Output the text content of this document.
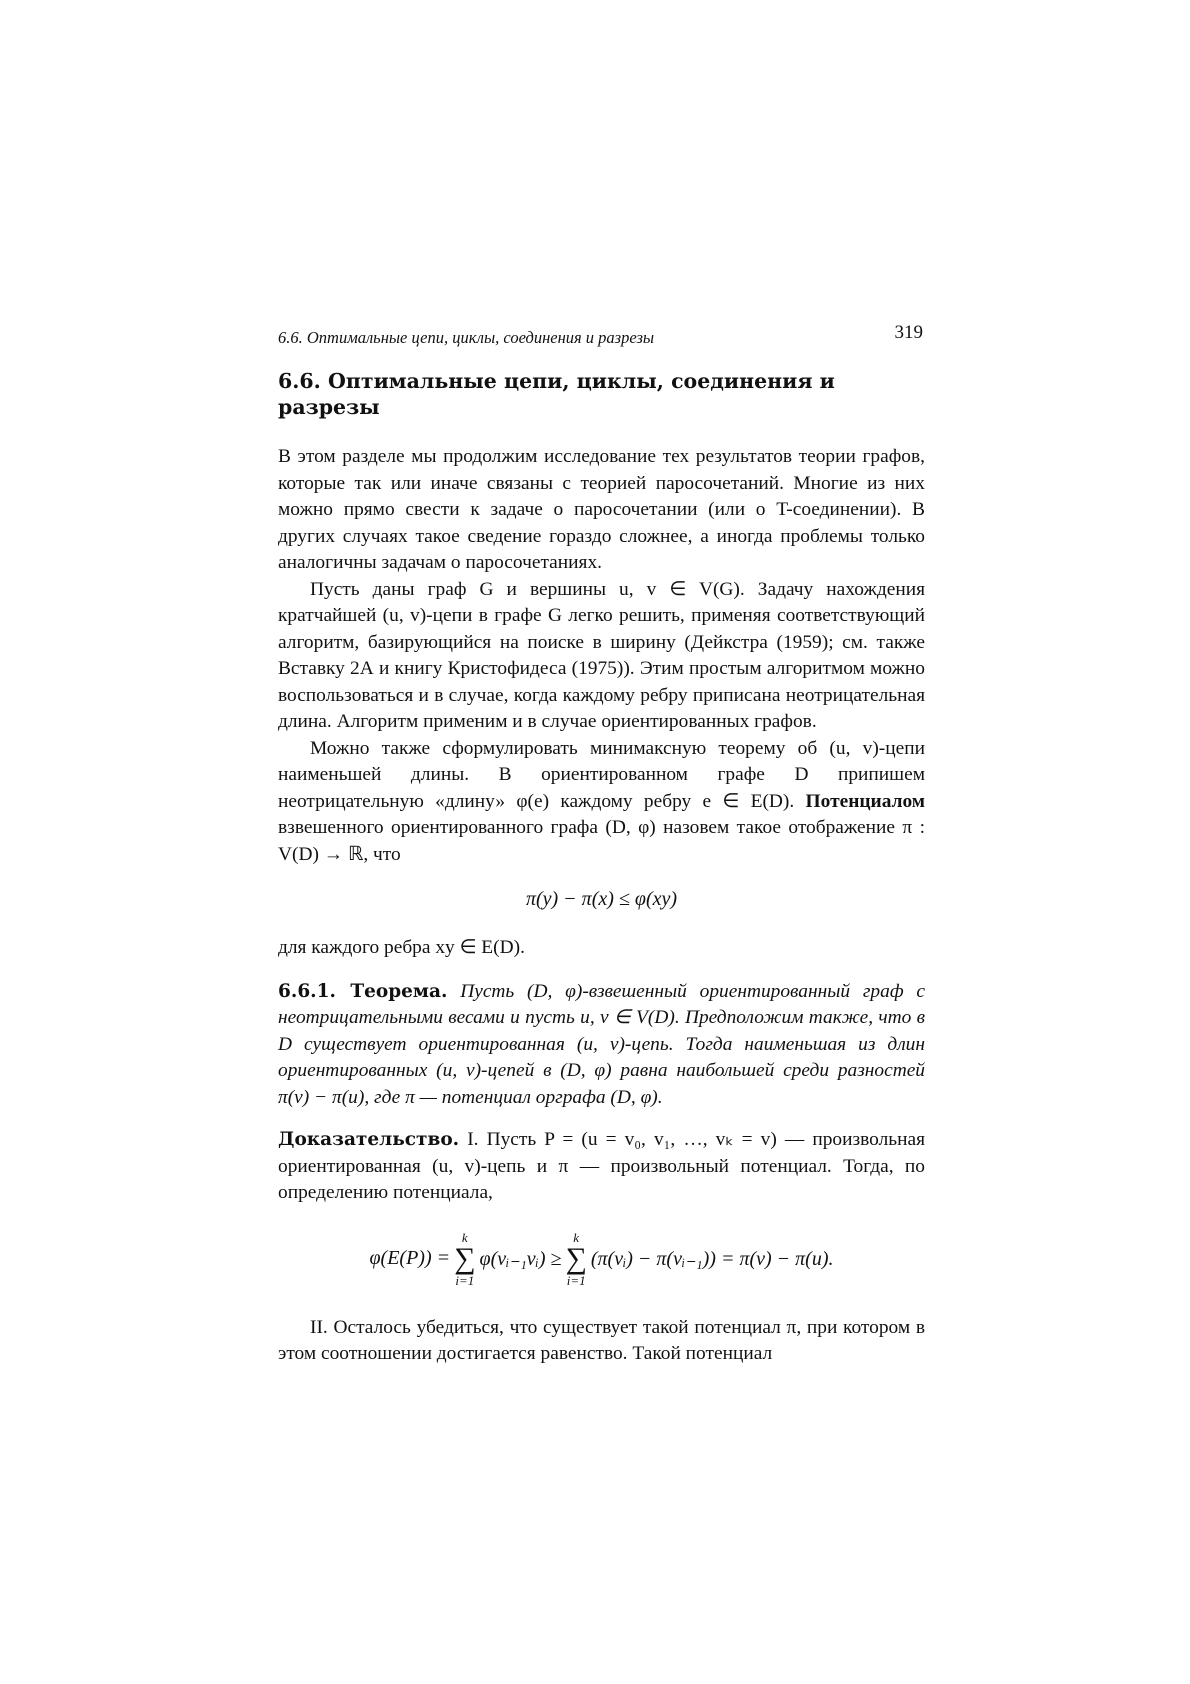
6.6. Оптимальные цепи, циклы, соединения и разрезы	319
6.6. Оптимальные цепи, циклы, соединения и разрезы

В этом разделе мы продолжим исследование тех результатов теории графов, которые так или иначе связаны с теорией паросочетаний. Многие из них можно прямо свести к задаче о паросочетании (или о T-соединении). В других случаях такое сведение гораздо сложнее, а иногда проблемы только аналогичны задачам о паросочетаниях.

Пусть даны граф G и вершины u, v ∈ V(G). Задачу нахождения кратчайшей (u, v)-цепи в графе G легко решить, применяя соответствующий алгоритм, базирующийся на поиске в ширину (Дейкстра (1959); см. также Вставку 2А и книгу Кристофидеса (1975)). Этим простым алгоритмом можно воспользоваться и в случае, когда каждому ребру приписана неотрицательная длина. Алгоритм применим и в случае ориентированных графов.

Можно также сформулировать минимаксную теорему об (u, v)-цепи наименьшей длины. В ориентированном графе D припишем неотрицательную «длину» φ(e) каждому ребру e ∈ E(D). Потенциалом взвешенного ориентированного графа (D, φ) назовем такое отображение π : V(D) → ℝ, что

π(y) − π(x) ≤ φ(xy)

для каждого ребра xy ∈ E(D).

6.6.1. Теорема. Пусть (D, φ)-взвешенный ориентированный граф с неотрицательными весами и пусть u, v ∈ V(D). Предположим также, что в D существует ориентированная (u, v)-цепь. Тогда наименьшая из длин ориентированных (u, v)-цепей в (D, φ) равна наибольшей среди разностей π(v) − π(u), где π — потенциал орграфа (D, φ).

Доказательство. I. Пусть P = (u = v₀, v₁, …, vₖ = v) — произвольная ориентированная (u, v)-цепь и π — произвольный потенциал. Тогда, по определению потенциала,

φ(E(P)) =
k
∑
i=1
φ(vᵢ₋₁vᵢ) ≥
k
∑
i=1
(π(vᵢ) − π(vᵢ₋₁)) = π(v) − π(u).

II. Осталось убедиться, что существует такой потенциал π, при котором в этом соотношении достигается равенство. Такой потенциал
